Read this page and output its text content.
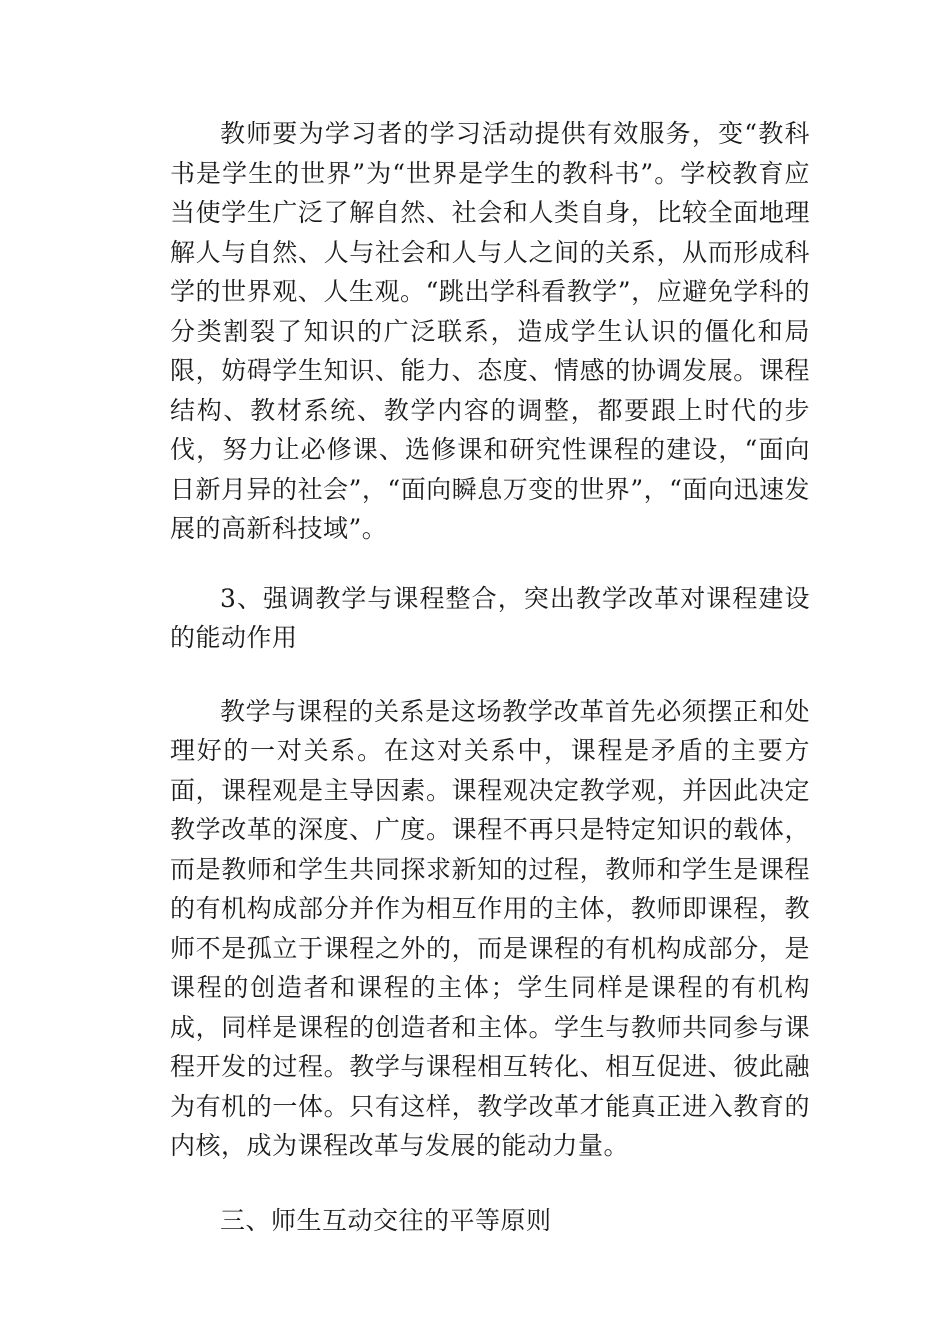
教师要为学习者的学习活动提供有效服务，变“教科书是学生的世界”为“世界是学生的教科书”。学校教育应当使学生广泛了解自然、社会和人类自身，比较全面地理解人与自然、人与社会和人与人之间的关系，从而形成科学的世界观、人生观。“跳出学科看教学”，应避免学科的分类割裂了知识的广泛联系，造成学生认识的僵化和局限，妨碍学生知识、能力、态度、情感的协调发展。课程结构、教材系统、教学内容的调整，都要跟上时代的步伐，努力让必修课、选修课和研究性课程的建设，“面向日新月异的社会”，“面向瞬息万变的世界”，“面向迅速发展的高新科技域”。

3、强调教学与课程整合，突出教学改革对课程建设的能动作用

教学与课程的关系是这场教学改革首先必须摆正和处理好的一对关系。在这对关系中，课程是矛盾的主要方面，课程观是主导因素。课程观决定教学观，并因此决定教学改革的深度、广度。课程不再只是特定知识的载体，而是教师和学生共同探求新知的过程，教师和学生是课程的有机构成部分并作为相互作用的主体，教师即课程，教师不是孤立于课程之外的，而是课程的有机构成部分，是课程的创造者和课程的主体；学生同样是课程的有机构成，同样是课程的创造者和主体。学生与教师共同参与课程开发的过程。教学与课程相互转化、相互促进、彼此融为有机的一体。只有这样，教学改革才能真正进入教育的内核，成为课程改革与发展的能动力量。

三、师生互动交往的平等原则
